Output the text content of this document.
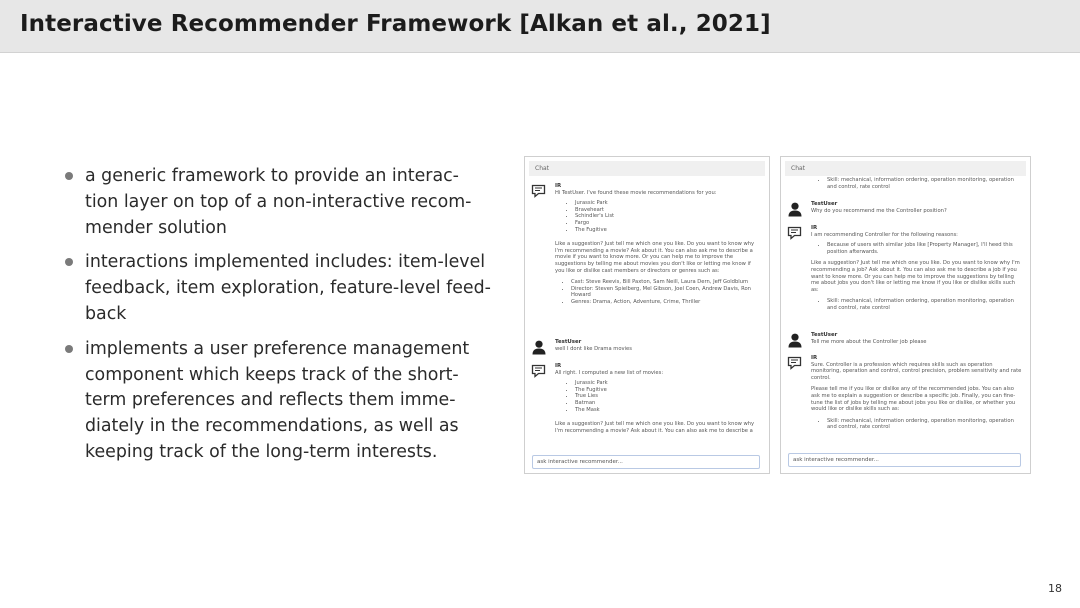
Interactive Recommender Framework [Alkan et al., 2021]
a generic framework to provide an interac-
tion layer on top of a non-interactive recom-
mender solution
interactions implemented includes: item-level
feedback, item exploration, feature-level feed-
back
implements a user preference management
component which keeps track of the short-
term preferences and reflects them imme-
diately in the recommendations, as well as
keeping track of the long-term interests.
Chat
IR
Hi TestUser. I've found these movie recommendations for you:
• Jurassic Park
• Braveheart
• Schindler's List
• Fargo
• The Fugitive

Like a suggestion? Just tell me which one you like. Do you want to know why I'm recommending a movie? Ask about it. You can also ask me to describe a movie if you want to know more. Or you can help me to improve the suggestions by telling me about movies you don't like or letting me know if you like or dislike cast members or directors or genres such as:

• Cast: Steve Reevis, Bill Paxton, Sam Neill, Laura Dern, Jeff Goldblum
• Director: Steven Spielberg, Mel Gibson, Joel Coen, Andrew Davis, Ron Howard
• Genres: Drama, Action, Adventure, Crime, Thriller
TestUser
well I dont like Drama movies
IR
All right. I computed a new list of movies:
• Jurassic Park
• The Fugitive
• True Lies
• Batman
• The Mask

Like a suggestion? Just tell me which one you like. Do you want to know why I'm recommending a movie? Ask about it. You can also ask me to describe a

ask interactive recommender...
Chat
• Skill: mechanical, information ordering, operation monitoring, operation and control, rate control
TestUser
Why do you recommend me the Controller position?
IR
I am recommending Controller for the following reasons:
• Because of users with similar jobs like [Property Manager], I'll heed this position afterwards.

Like a suggestion? Just tell me which one you like. Do you want to know why I'm recommending a job? Ask about it. You can also ask me to describe a job if you want to know more. Or you can help me to improve the suggestions by telling me about jobs you don't like or letting me know if you like or dislike skills such as:

• Skill: mechanical, information ordering, operation monitoring, operation and control, rate control
TestUser
Tell me more about the Controller job please
IR

Sure. Controller is a profession which requires skills such as operation monitoring, operation and control, control precision, problem sensitivity and rate control.

Please tell me if you like or dislike any of the recommended jobs. You can also ask me to explain a suggestion or describe a specific job. Finally, you can fine-tune the list of jobs by telling me about jobs you like or dislike, or whether you would like or dislike skills such as:

• Skill: mechanical, information ordering, operation monitoring, operation and control, rate control
ask interactive recommender...
18
